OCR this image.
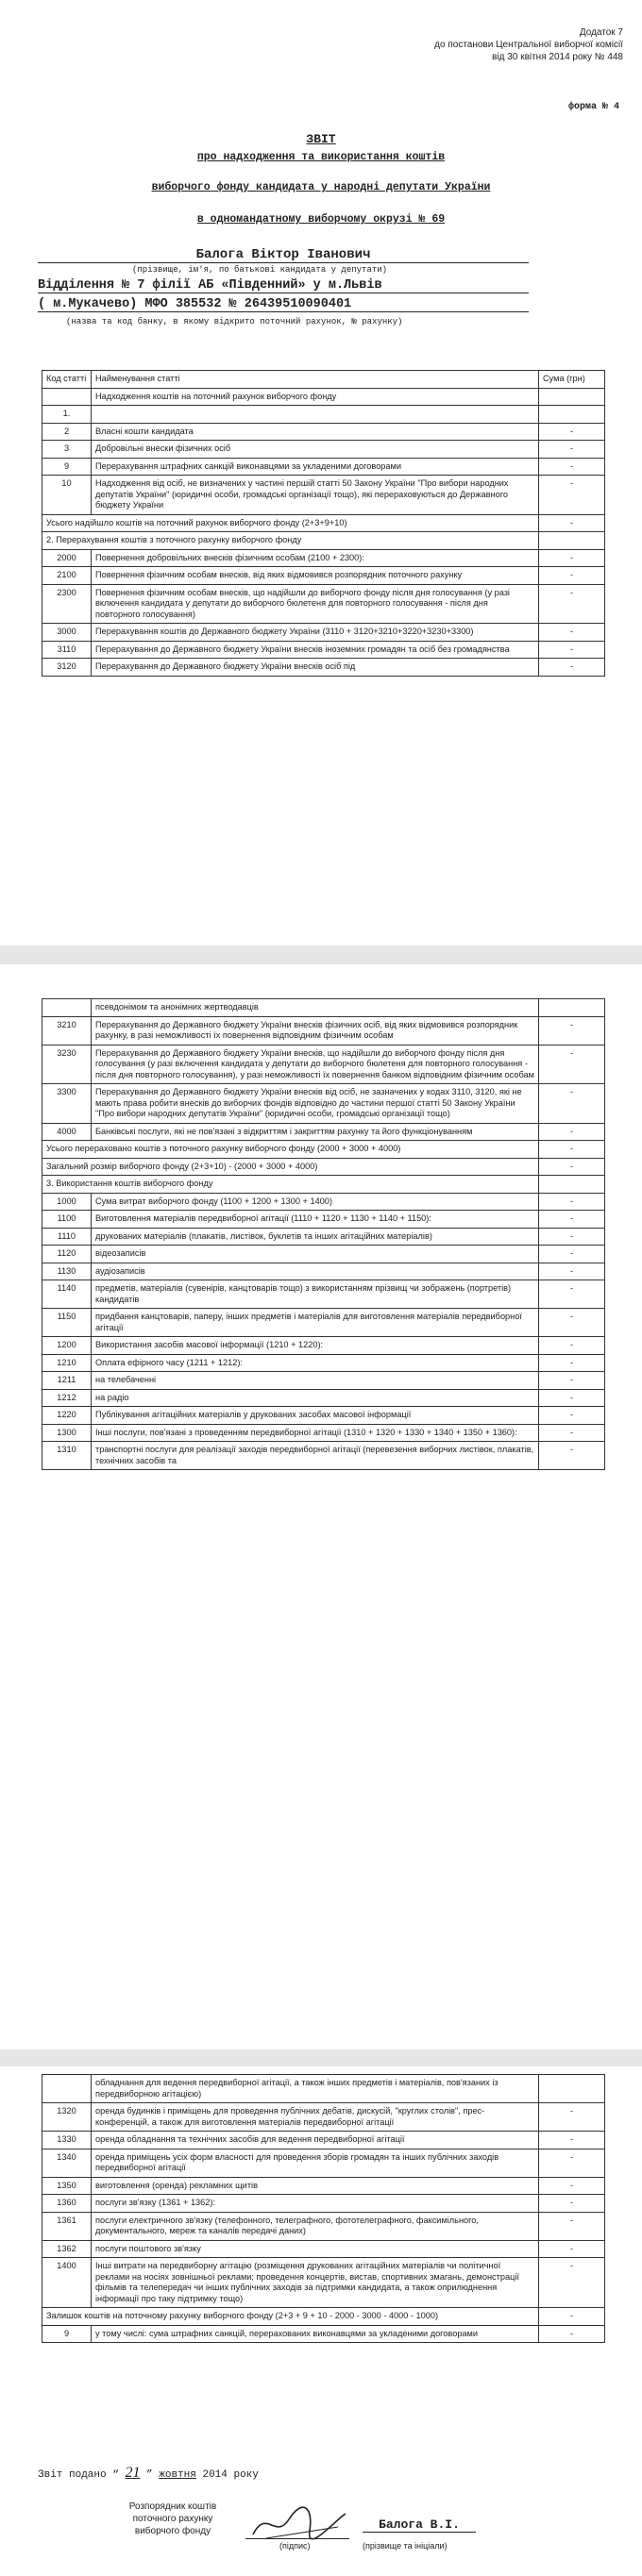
Додаток 7
до постанови Центральної виборчої комісії
від 30 квітня 2014 року № 448
форма № 4
ЗВІТ
про надходження та використання коштів
виборчого фонду кандидата у народні депутати України
в одномандатному виборчому окрузі № 69
Балога Віктор Іванович
(прізвище, ім'я, по батькові кандидата у депутати)
Відділення № 7 філії АБ «Південний» у м.Львів
( м.Мукачево) МФО 385532 № 26439510090401
(назва та код банку, в якому відкрито поточний рахунок, № рахунку)
Код статті	Найменування статті	Сума (грн)
	Надходження коштів на поточний рахунок виборчого фонду	
1.		
2	Власні кошти кандидата	-
3	Добровільні внески фізичних осіб	-
9	Перерахування штрафних санкцій виконавцями за укладеними договорами	-
10	Надходження від осіб, не визначених у частині першій статті 50 Закону України "Про вибори народних депутатів України" (юридичні особи, громадські організації тощо), які перераховуються до Державного бюджету України	-
Усього надійшло коштів на поточний рахунок виборчого фонду (2+3+9+10)		-
2. Перерахування коштів з поточного рахунку виборчого фонду		
2000	Повернення добровільних внесків фізичним особам (2100 + 2300):	-
2100	Повернення фізичним особам внесків, від яких відмовився розпорядник поточного рахунку	-
2300	Повернення фізичним особам внесків, що надійшли до виборчого фонду після дня голосування (у разі включення кандидата у депутати до виборчого бюлетеня для повторного голосування - після дня повторного голосування)	-
3000	Перерахування коштів до Державного бюджету України (3110 + 3120+3210+3220+3230+3300)	-
3110	Перерахування до Державного бюджету України внесків іноземних громадян та осіб без громадянства	-
3120	Перерахування до Державного бюджету України внесків осіб під	-
	псевдонімом та анонімних жертводавців	
3210	Перерахування до Державного бюджету України внесків фізичних осіб, від яких відмовився розпорядник рахунку, в разі неможливості їх повернення відповідним фізичним особам	-
3230	Перерахування до Державного бюджету України внесків, що надійшли до виборчого фонду після дня голосування (у разі включення кандидата у депутати до виборчого бюлетеня для повторного голосування - після дня повторного голосування), у разі неможливості їх повернення банком відповідним фізичним особам	-
3300	Перерахування до Державного бюджету України внесків від осіб, не зазначених у кодах 3110, 3120, які не мають права робити внесків до виборчих фондів відповідно до частини першої статті 50 Закону України "Про вибори народних депутатів України" (юридичні особи, громадські організації тощо)	-
4000	Банківські послуги, які не пов'язані з відкриттям і закриттям рахунку та його функціонуванням	-
Усього перераховано коштів з поточного рахунку виборчого фонду (2000 + 3000 + 4000)		-
Загальний розмір виборчого фонду (2+3+10) - (2000 + 3000 + 4000)		-
3. Використання коштів виборчого фонду		
1000	Сума витрат виборчого фонду (1100 + 1200 + 1300 + 1400)	-
1100	Виготовлення матеріалів передвиборної агітації (1110 + 1120 + 1130 + 1140 + 1150):	-
1110	друкованих матеріалів (плакатів, листівок, буклетів та інших агітаційних матеріалів)	-
1120	відеозаписів	-
1130	аудіозаписів	-
1140	предметів, матеріалів (сувенірів, канцтоварів тощо) з використанням прізвищ чи зображень (портретів) кандидатів	-
1150	придбання канцтоварів, паперу, інших предметів і матеріалів для виготовлення матеріалів передвиборної агітації	-
1200	Використання засобів масової інформації (1210 + 1220):	-
1210	Оплата ефірного часу (1211 + 1212):	-
1211	на телебаченні	-
1212	на радіо	-
1220	Публікування агітаційних матеріалів у друкованих засобах масової інформації	-
1300	Інші послуги, пов'язані з проведенням передвиборної агітації (1310 + 1320 + 1330 + 1340 + 1350 + 1360):	-
1310	транспортні послуги для реалізації заходів передвиборної агітації (перевезення виборчих листівок, плакатів, технічних засобів та	-
	обладнання для ведення передвиборної агітації, а також інших предметів і матеріалів, пов'язаних із передвиборною агітацією)	
1320	оренда будинків і приміщень для проведення публічних дебатів, дискусій, "круглих столів", прес-конференцій, а також для виготовлення матеріалів передвиборної агітації	-
1330	оренда обладнання та технічних засобів для ведення передвиборної агітації	-
1340	оренда приміщень усіх форм власності для проведення зборів громадян та інших публічних заходів передвиборної агітації	-
1350	виготовлення (оренда) рекламних щитів	-
1360	послуги зв'язку (1361 + 1362):	-
1361	послуги електричного зв'язку (телефонного, телеграфного, фототелеграфного, факсимільного, документального, мереж та каналів передачі даних)	-
1362	послуги поштового зв'язку	-
1400	Інші витрати на передвиборну агітацію (розміщення друкованих агітаційних матеріалів чи політичної реклами на носіях зовнішньої реклами; проведення концертів, вистав, спортивних змагань, демонстрації фільмів та телепередач чи інших публічних заходів за підтримки кандидата, а також оприлюднення інформації про таку підтримку тощо)	-
Залишок коштів на поточному рахунку виборчого фонду (2+3 + 9 + 10 - 2000 - 3000 - 4000 - 1000)		-
9	у тому числі: сума штрафних санкцій, перерахованих виконавцями за укладеними договорами	-
Звіт подано “ 21 ” жовтня 2014 року
Розпорядник коштів
поточного рахунку
виборчого фонду
(підпис)
Балога В.І.
(прізвище та ініціали)
